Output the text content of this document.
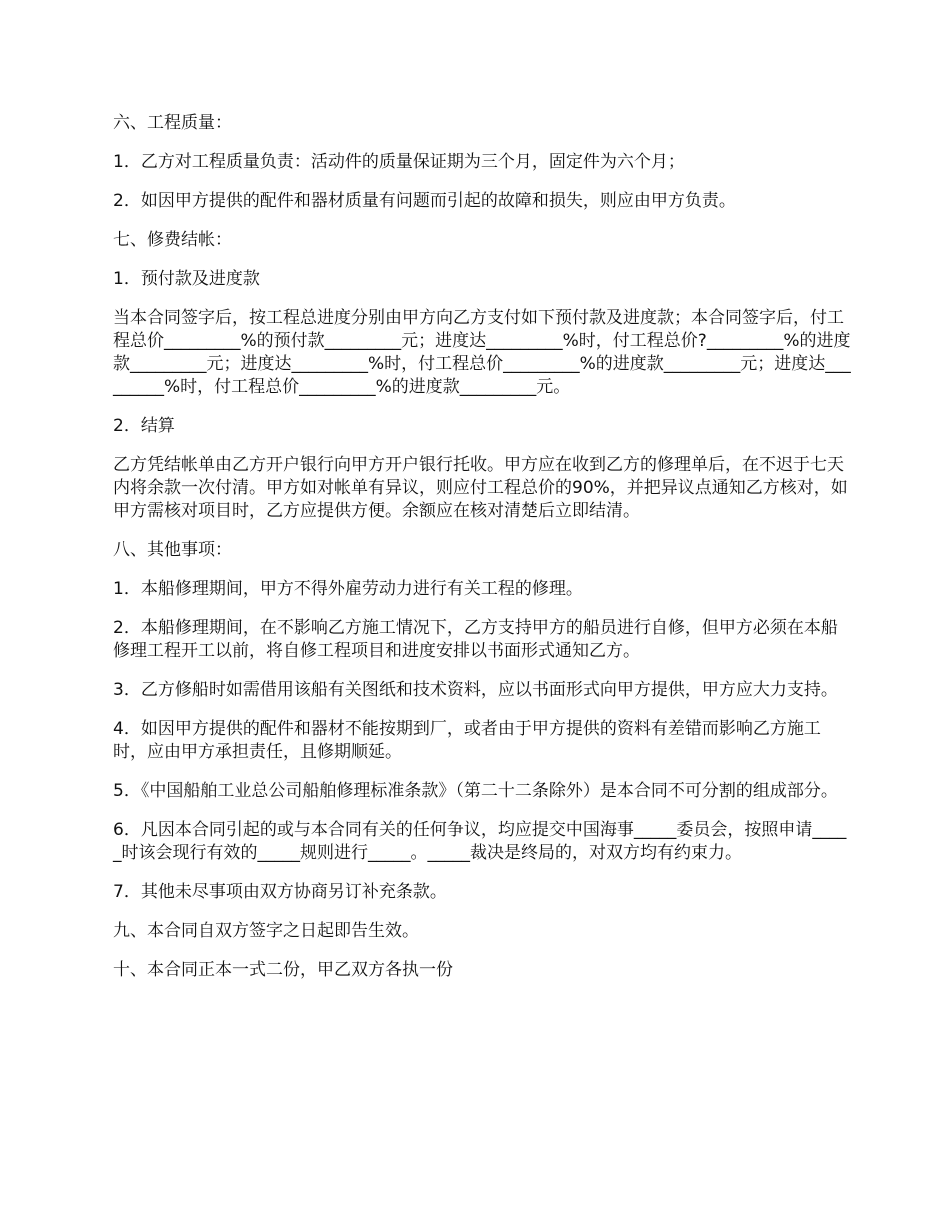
六、工程质量：

1．乙方对工程质量负责：活动件的质量保证期为三个月，固定件为六个月；

2．如因甲方提供的配件和器材质量有问题而引起的故障和损失，则应由甲方负责。

七、修费结帐：

1．预付款及进度款

当本合同签字后，按工程总进度分别由甲方向乙方支付如下预付款及进度款；本合同签字后，付工程总价_________%的预付款_________元；进度达_________%时，付工程总价?_________%的进度款_________元；进度达_________%时，付工程总价_________%的进度款_________元；进度达_________%时，付工程总价_________%的进度款_________元。

2．结算

乙方凭结帐单由乙方开户银行向甲方开户银行托收。甲方应在收到乙方的修理单后，在不迟于七天内将余款一次付清。甲方如对帐单有异议，则应付工程总价的90%，并把异议点通知乙方核对，如甲方需核对项目时，乙方应提供方便。余额应在核对清楚后立即结清。

八、其他事项：

1．本船修理期间，甲方不得外雇劳动力进行有关工程的修理。

2．本船修理期间，在不影响乙方施工情况下，乙方支持甲方的船员进行自修，但甲方必须在本船修理工程开工以前，将自修工程项目和进度安排以书面形式通知乙方。

3．乙方修船时如需借用该船有关图纸和技术资料，应以书面形式向甲方提供，甲方应大力支持。

4．如因甲方提供的配件和器材不能按期到厂，或者由于甲方提供的资料有差错而影响乙方施工时，应由甲方承担责任，且修期顺延。

5．《中国船舶工业总公司船舶修理标准条款》（第二十二条除外）是本合同不可分割的组成部分。

6．凡因本合同引起的或与本合同有关的任何争议，均应提交中国海事_____委员会，按照申请_____时该会现行有效的_____规则进行_____。_____裁决是终局的，对双方均有约束力。

7．其他未尽事项由双方协商另订补充条款。

九、本合同自双方签字之日起即告生效。

十、本合同正本一式二份，甲乙双方各执一份
